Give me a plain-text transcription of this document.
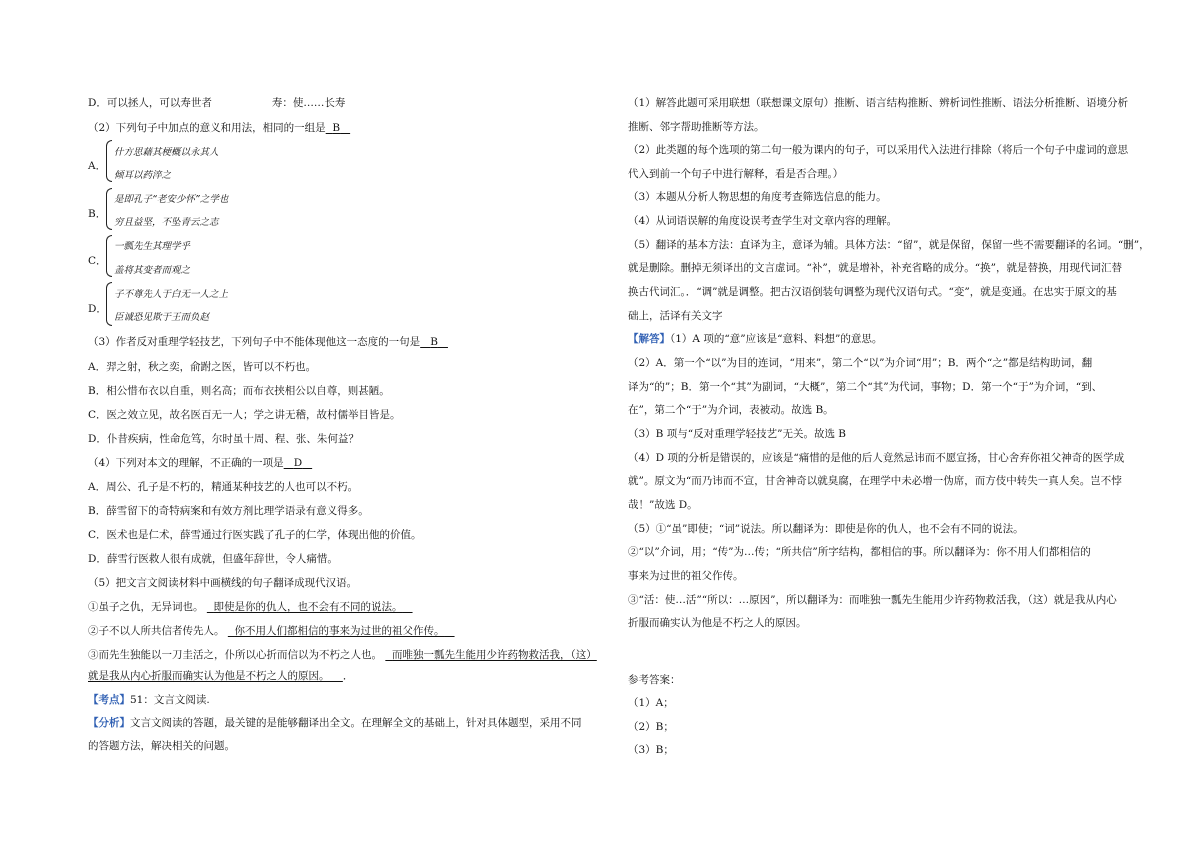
D．可以拯人，可以寿世者	寿：使……长寿
（2）下列句子中加点的意义和用法，相同的一组是 B
A．
什方思藉其梗概以永其人
倾耳以药淬之
B．
是即孔子“老安少怀”之学也
穷且益坚，不坠青云之志
C．
一瓢先生其理学乎
盖将其变者而观之
D．
子不尊先人于白无一人之上
臣诚恐见欺于王而负赵
（3）作者反对重理学轻技艺，下列句子中不能体现他这一态度的一句是 B
A．羿之射，秋之奕，俞跗之医，皆可以不朽也。
B．相公惜布衣以自重，则名高；而布衣挟相公以自尊，则甚陋。
C．医之效立见，故名医百无一人；学之讲无稽，故村儒举目皆是。
D．仆昔疾病，性命危笃，尔时虽十周、程、张、朱何益？
（4）下列对本文的理解，不正确的一项是 D
A．周公、孔子是不朽的，精通某种技艺的人也可以不朽。
B．薛雪留下的奇特病案和有效方剂比理学语录有意义得多。
C．医术也是仁术，薛雪通过行医实践了孔子的仁学，体现出他的价值。
D．薛雪行医救人很有成就，但盛年辞世，令人痛惜。
（5）把文言文阅读材料中画横线的句子翻译成现代汉语。
①虽子之仇，无异词也。 即使是你的仇人，也不会有不同的说法。
②子不以人所共信者传先人。 你不用人们都相信的事来为过世的祖父作传。
③而先生独能以一刀圭活之，仆所以心折而信以为不朽之人也。 而唯独一瓢先生能用少许药物救活我，（这）
就是我从内心折服而确实认为他是不朽之人的原因。 ．
【考点】51：文言文阅读.
【分析】文言文阅读的答题，最关键的是能够翻译出全文。在理解全文的基础上，针对具体题型，采用不同
的答题方法，解决相关的问题。
（1）解答此题可采用联想（联想课文原句）推断、语言结构推断、辨析词性推断、语法分析推断、语境分析
推断、邻字帮助推断等方法。
（2）此类题的每个选项的第二句一般为课内的句子，可以采用代入法进行排除（将后一个句子中虚词的意思
代入到前一个句子中进行解释，看是否合理。）
（3）本题从分析人物思想的角度考查筛选信息的能力。
（4）从词语误解的角度设误考查学生对文章内容的理解。
（5）翻译的基本方法：直译为主，意译为辅。具体方法：“留”，就是保留，保留一些不需要翻译的名词。“删”，
就是删除。删掉无须译出的文言虚词。“补”，就是增补，补充省略的成分。“换”，就是替换，用现代词汇替
换古代词汇。．“调”就是调整。把古汉语倒装句调整为现代汉语句式。“变”，就是变通。在忠实于原文的基
础上，活译有关文字
【解答】（1）A 项的“意”应该是“意料、料想”的意思。
（2）A．第一个“以”为目的连词，“用来”，第二个“以”为介词“用”；B．两个“之”都是结构助词，翻
译为“的”；B．第一个“其”为副词，“大概”，第二个“其”为代词，事物；D．第一个“于”为介词，“到、
在”，第二个“于”为介词，表被动。故选 B。
（3）B 项与“反对重理学轻技艺”无关。故选 B
（4）D 项的分析是错误的，应该是“痛惜的是他的后人竟然忌讳而不愿宣扬，甘心舍弃你祖父神奇的医学成
就”。原文为“而乃讳而不宣，甘舍神奇以就臭腐，在理学中未必增一伪席，而方伎中转失一真人矣。岂不悖
哉！”故选 D。
（5）①“虽”即使；“词”说法。所以翻译为：即使是你的仇人，也不会有不同的说法。
②“以”介词，用；“传”为…传；“所共信”所字结构，都相信的事。所以翻译为：你不用人们都相信的
事来为过世的祖父作传。
③“活：使…活”“所以：…原因”，所以翻译为：而唯独一瓢先生能用少许药物救活我，（这）就是我从内心
折服而确实认为他是不朽之人的原因。
参考答案：
（1）A；
（2）B；
（3）B；
